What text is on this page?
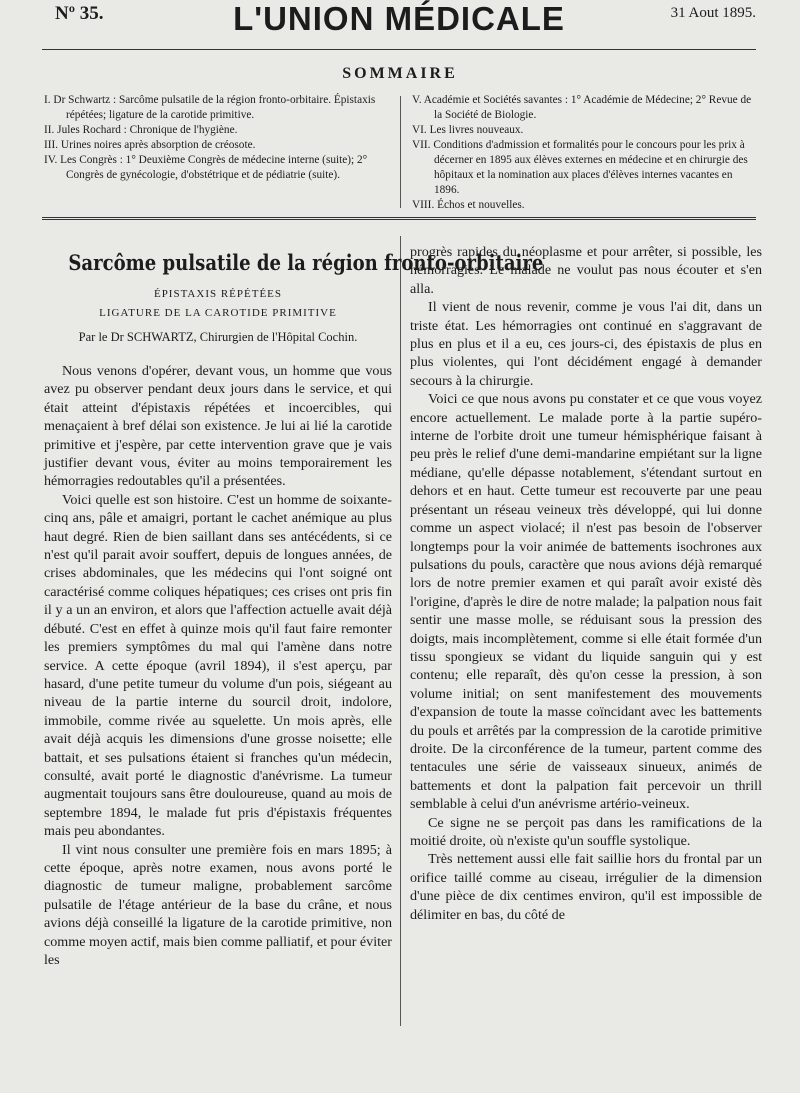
Nº 35.	L'UNION MÉDICALE	31 Aout 1895.
SOMMAIRE
I. Dr Schwartz : Sarcôme pulsatile de la région fronto-orbitaire. Épistaxis répétées; ligature de la carotide primitive.
II. Jules Rochard : Chronique de l'hygiène.
III. Urines noires après absorption de créosote.
IV. Les Congrès : 1° Deuxième Congrès de médecine interne (suite); 2° Congrès de gynécologie, d'obstétrique et de pédiatrie (suite).
V. Académie et Sociétés savantes : 1° Académie de Médecine; 2° Revue de la Société de Biologie.
VI. Les livres nouveaux.
VII. Conditions d'admission et formalités pour le concours pour les prix à décerner en 1895 aux élèves externes en médecine et en chirurgie des hôpitaux et la nomination aux places d'élèves internes vacantes en 1896.
VIII. Échos et nouvelles.
Sarcôme pulsatile de la région fronto-orbitaire
ÉPISTAXIS RÉPÉTÉES
LIGATURE DE LA CAROTIDE PRIMITIVE
Par le Dr SCHWARTZ, Chirurgien de l'Hôpital Cochin.

Nous venons d'opérer, devant vous, un homme que vous avez pu observer pendant deux jours dans le service, et qui était atteint d'épistaxis répétées et incoercibles, qui menaçaient à bref délai son existence. Je lui ai lié la carotide primitive et j'espère, par cette intervention grave que je vais justifier devant vous, éviter au moins temporairement les hémorragies redoutables qu'il a présentées.

Voici quelle est son histoire. C'est un homme de soixante-cinq ans, pâle et amaigri, portant le cachet anémique au plus haut degré. Rien de bien saillant dans ses antécédents, si ce n'est qu'il parait avoir souffert, depuis de longues années, de crises abdominales, que les médecins qui l'ont soigné ont caractérisé comme coliques hépatiques; ces crises ont pris fin il y a un an environ, et alors que l'affection actuelle avait déjà débuté. C'est en effet à quinze mois qu'il faut faire remonter les premiers symptômes du mal qui l'amène dans notre service. A cette époque (avril 1894), il s'est aperçu, par hasard, d'une petite tumeur du volume d'un pois, siégeant au niveau de la partie interne du sourcil droit, indolore, immobile, comme rivée au squelette. Un mois après, elle avait déjà acquis les dimensions d'une grosse noisette; elle battait, et ses pulsations étaient si franches qu'un médecin, consulté, avait porté le diagnostic d'anévrisme. La tumeur augmentait toujours sans être douloureuse, quand au mois de septembre 1894, le malade fut pris d'épistaxis fréquentes mais peu abondantes.

Il vint nous consulter une première fois en mars 1895; à cette époque, après notre examen, nous avons porté le diagnostic de tumeur maligne, probablement sarcôme pulsatile de l'étage antérieur de la base du crâne, et nous avions déjà conseillé la ligature de la carotide primitive, non comme moyen actif, mais bien comme palliatif, et pour éviter les

progrès rapides du néoplasme et pour arrêter, si possible, les hémorragies. Le malade ne voulut pas nous écouter et s'en alla.

Il vient de nous revenir, comme je vous l'ai dit, dans un triste état. Les hémorragies ont continué en s'aggravant de plus en plus et il a eu, ces jours-ci, des épistaxis de plus en plus violentes, qui l'ont décidément engagé à demander secours à la chirurgie.

Voici ce que nous avons pu constater et ce que vous voyez encore actuellement. Le malade porte à la partie supéro-interne de l'orbite droit une tumeur hémisphérique faisant à peu près le relief d'une demi-mandarine empiétant sur la ligne médiane, qu'elle dépasse notablement, s'étendant surtout en dehors et en haut. Cette tumeur est recouverte par une peau présentant un réseau veineux très développé, qui lui donne comme un aspect violacé; il n'est pas besoin de l'observer longtemps pour la voir animée de battements isochrones aux pulsations du pouls, caractère que nous avions déjà remarqué lors de notre premier examen et qui paraît avoir existé dès l'origine, d'après le dire de notre malade; la palpation nous fait sentir une masse molle, se réduisant sous la pression des doigts, mais incomplètement, comme si elle était formée d'un tissu spongieux se vidant du liquide sanguin qui y est contenu; elle reparaît, dès qu'on cesse la pression, à son volume initial; on sent manifestement des mouvements d'expansion de toute la masse coïncidant avec les battements du pouls et arrêtés par la compression de la carotide primitive droite. De la circonférence de la tumeur, partent comme des tentacules une série de vaisseaux sinueux, animés de battements et dont la palpation fait percevoir un thrill semblable à celui d'un anévrisme artério-veineux.

Ce signe ne se perçoit pas dans les ramifications de la moitié droite, où n'existe qu'un souffle systolique.

Très nettement aussi elle fait saillie hors du frontal par un orifice taillé comme au ciseau, irrégulier de la dimension d'une pièce de dix centimes environ, qu'il est impossible de délimiter en bas, du côté de
